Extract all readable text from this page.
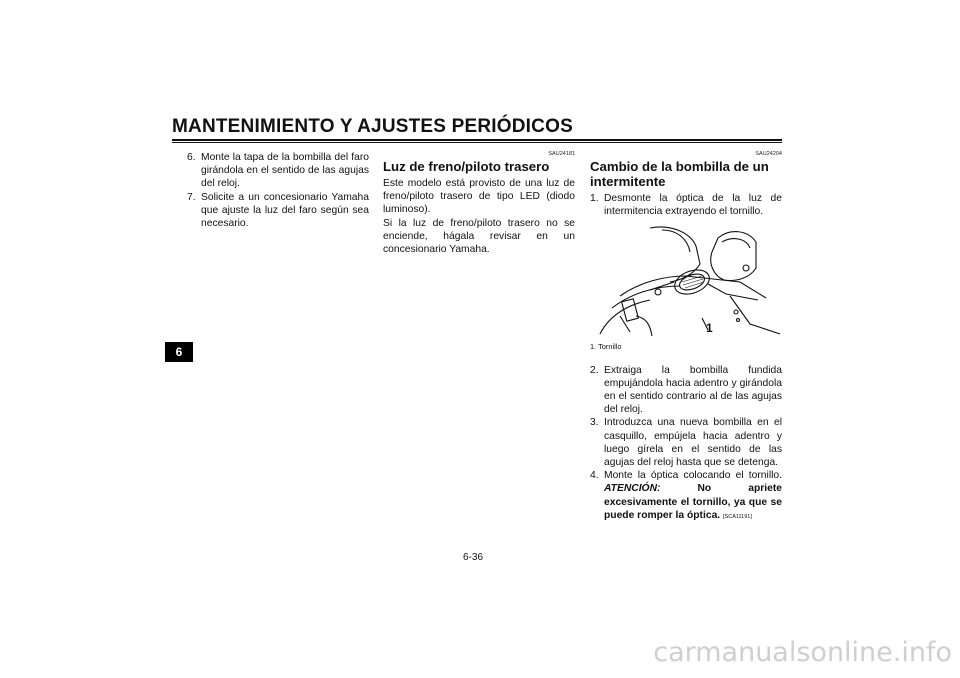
MANTENIMIENTO Y AJUSTES PERIÓDICOS
6
6. Monte la tapa de la bombilla del faro girándola en el sentido de las agujas del reloj.
7. Solicite a un concesionario Yamaha que ajuste la luz del faro según sea necesario.
SAU24181
Luz de freno/piloto trasero

Este modelo está provisto de una luz de freno/piloto trasero de tipo LED (diodo luminoso).

Si la luz de freno/piloto trasero no se enciende, hágala revisar en un concesionario Yamaha.

SAU24204
Cambio de la bombilla de un intermitente
1. Desmonte la óptica de la luz de intermitencia extrayendo el tornillo.
1
1. Tornillo
2. Extraiga la bombilla fundida empujándola hacia adentro y girándola en el sentido contrario al de las agujas del reloj.
3. Introduzca una nueva bombilla en el casquillo, empújela hacia adentro y luego gírela en el sentido de las agujas del reloj hasta que se detenga.
4. Monte la óptica colocando el tornillo. ATENCIÓN:	No apriete excesivamente el tornillo, ya que se puede romper la óptica. [SCA11191]
6-36
carmanualsonline.info
